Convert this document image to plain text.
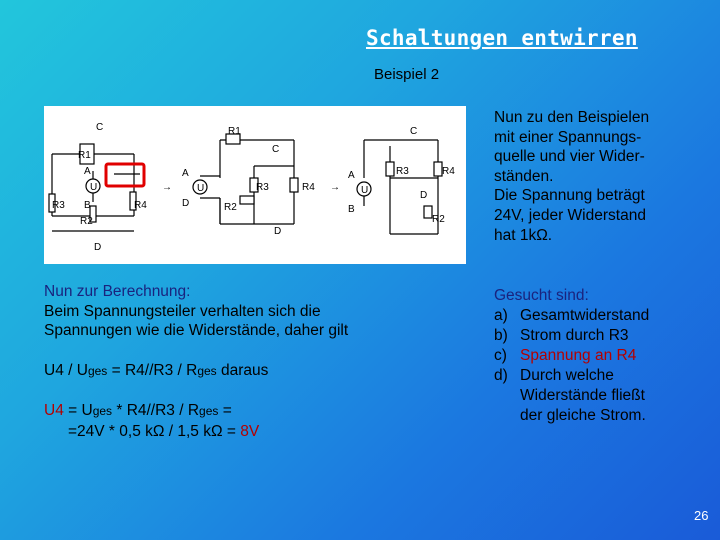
Schaltungen entwirren
Beispiel 2
C
R1
A
U
B
R3
R2
R4
D
→
R1
C
A
U
D
R3	R4
R2
D
→
C
A
U
B
R3	R4
D
R2

Nun zu den Beispielen

mit einer Spannungs-

quelle und vier Wider-

ständen.

Die Spannung beträgt

24V, jeder Widerstand

hat 1kΩ.

Nun zur Berechnung:

Beim Spannungsteiler verhalten sich die

Spannungen wie die Widerstände, daher gilt

U4 / Uges = R4//R3 / Rges daraus

U4 = Uges * R4//R3 / Rges =

=24V * 0,5 kΩ / 1,5 kΩ = 8V

Gesucht sind:
a) Gesamtwiderstand
b) Strom durch R3
c) Spannung an R4
d) Durch welche
Widerstände fließt
der gleiche Strom.
26
